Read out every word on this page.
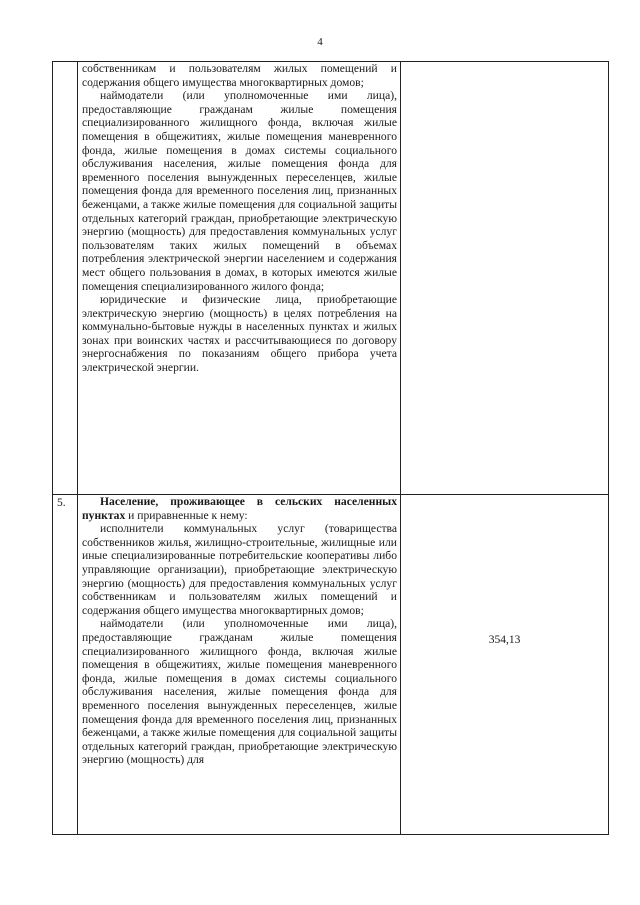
4

	собственникам и пользователям жилых помещений и содержания общего имущества многоквартирных домов;

наймодатели (или уполномоченные ими лица), предоставляющие гражданам жилые помещения специализированного жилищного фонда, включая жилые помещения в общежитиях, жилые помещения маневренного фонда, жилые помещения в домах системы социального обслуживания населения, жилые помещения фонда для временного поселения вынужденных переселенцев, жилые помещения фонда для временного поселения лиц, признанных беженцами, а также жилые помещения для социальной защиты отдельных категорий граждан, приобретающие электрическую энергию (мощность) для предоставления коммунальных услуг пользователям таких жилых помещений в объемах потребления электрической энергии населением и содержания мест общего пользования в домах, в которых имеются жилые помещения специализированного жилого фонда;

юридические и физические лица, приобретающие электрическую энергию (мощность) в целях потребления на коммунально-бытовые нужды в населенных пунктах и жилых зонах при воинских частях и рассчитывающиеся по договору энергоснабжения по показаниям общего прибора учета электрической энергии.	

5.	Население, проживающее в сельских населенных пунктах и приравненные к нему:

исполнители коммунальных услуг (товарищества собственников жилья, жилищно-строительные, жилищные или иные специализированные потребительские кооперативы либо управляющие организации), приобретающие электрическую энергию (мощность) для предоставления коммунальных услуг собственникам и пользователям жилых помещений и содержания общего имущества многоквартирных домов;

наймодатели (или уполномоченные ими лица), предоставляющие гражданам жилые помещения специализированного жилищного фонда, включая жилые помещения в общежитиях, жилые помещения маневренного фонда, жилые помещения в домах системы социального обслуживания населения, жилые помещения фонда для временного поселения вынужденных переселенцев, жилые помещения фонда для временного поселения лиц, признанных беженцами, а также жилые помещения для социальной защиты отдельных категорий граждан, приобретающие электрическую энергию (мощность) для	354,13
